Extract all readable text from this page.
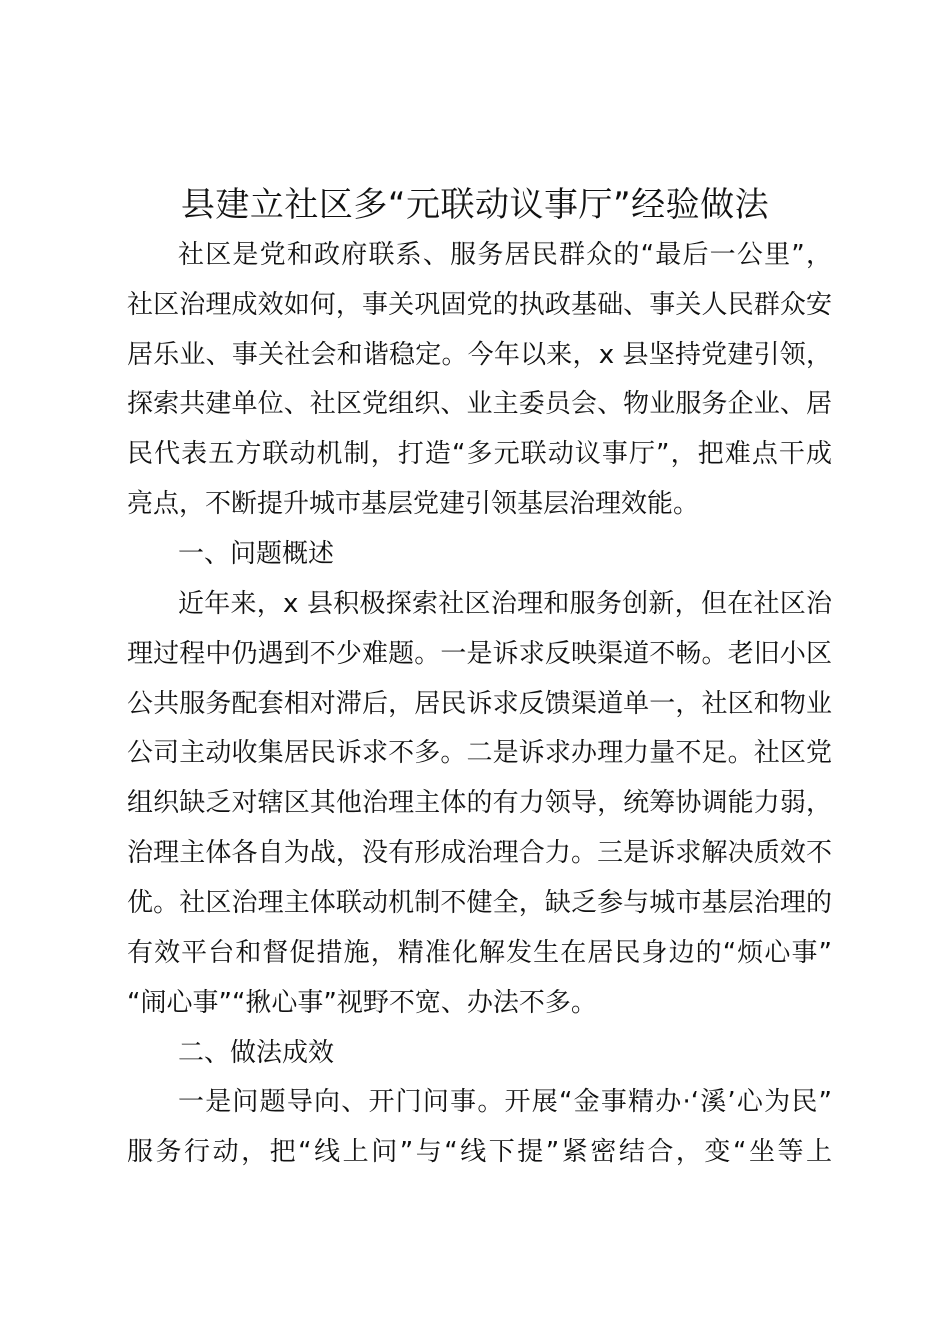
县建立社区多“元联动议事厅”经验做法

社区是党和政府联系、服务居民群众的“最后一公里”，

社区治理成效如何，事关巩固党的执政基础、事关人民群众安

居乐业、事关社会和谐稳定。今年以来，x 县坚持党建引领，

探索共建单位、社区党组织、业主委员会、物业服务企业、居

民代表五方联动机制，打造“多元联动议事厅”，把难点干成

亮点，不断提升城市基层党建引领基层治理效能。

一、问题概述

近年来，x 县积极探索社区治理和服务创新，但在社区治

理过程中仍遇到不少难题。一是诉求反映渠道不畅。老旧小区

公共服务配套相对滞后，居民诉求反馈渠道单一，社区和物业

公司主动收集居民诉求不多。二是诉求办理力量不足。社区党

组织缺乏对辖区其他治理主体的有力领导，统筹协调能力弱，

治理主体各自为战，没有形成治理合力。三是诉求解决质效不

优。社区治理主体联动机制不健全，缺乏参与城市基层治理的

有效平台和督促措施，精准化解发生在居民身边的“烦心事”

“闹心事”“揪心事”视野不宽、办法不多。

二、做法成效

一是问题导向、开门问事。开展“金事精办·‘溪’心为民”

服务行动，把“线上问”与“线下提”紧密结合，变“坐等上
